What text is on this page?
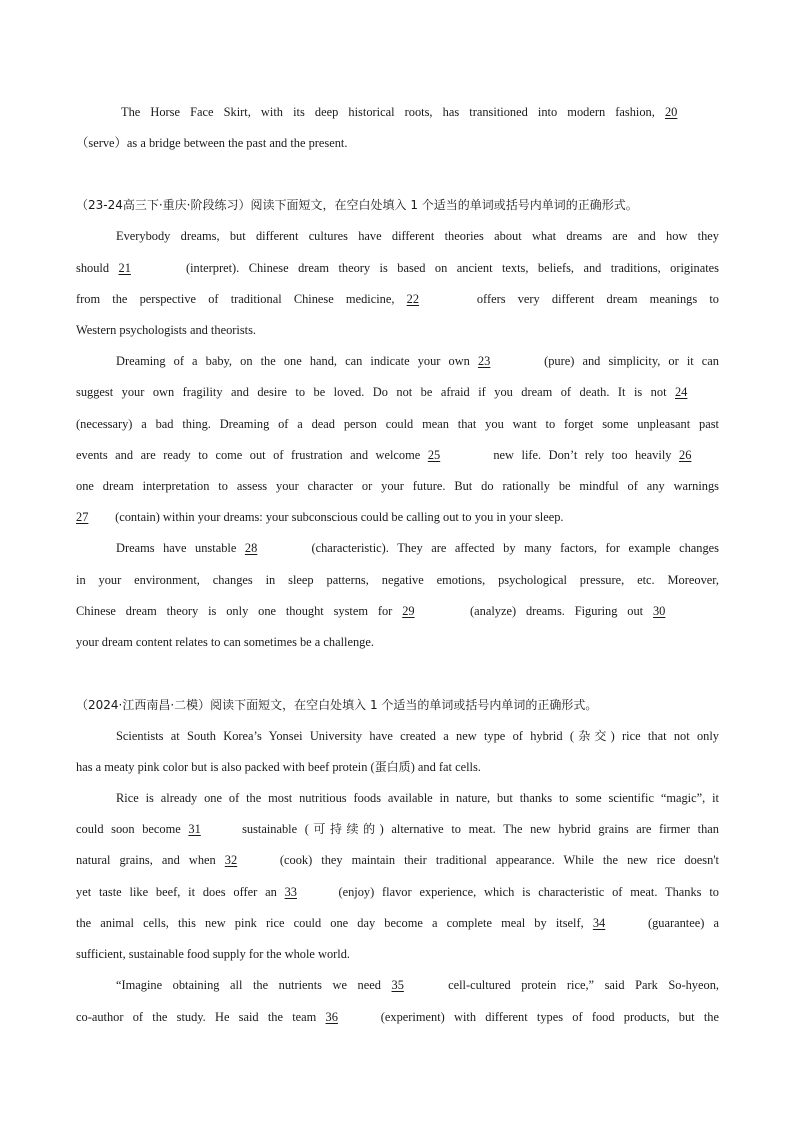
The Horse Face Skirt, with its deep historical roots, has transitioned into modern fashion, 20
（serve）as a bridge between the past and the present.
（23-24高三下·重庆·阶段练习）阅读下面短文，在空白处填入 1 个适当的单词或括号内单词的正确形式。
Everybody dreams, but different cultures have different theories about what dreams are and how they
should 21	(interpret). Chinese dream theory is based on ancient texts, beliefs, and traditions, originates
from the perspective of traditional Chinese medicine, 22	offers very different dream meanings to
Western psychologists and theorists.
Dreaming of a baby, on the one hand, can indicate your own 23	(pure) and simplicity, or it can
suggest your own fragility and desire to be loved. Do not be afraid if you dream of death. It is not 24
(necessary) a bad thing. Dreaming of a dead person could mean that you want to forget some unpleasant past
events and are ready to come out of frustration and welcome 25	new life. Don’t rely too heavily 26
one dream interpretation to assess your character or your future. But do rationally be mindful of any warnings
27 (contain) within your dreams: your subconscious could be calling out to you in your sleep.
Dreams have unstable 28	(characteristic). They are affected by many factors, for example changes
in your environment, changes in sleep patterns, negative emotions, psychological pressure, etc. Moreover,
Chinese dream theory is only one thought system for 29	(analyze) dreams. Figuring out 30
your dream content relates to can sometimes be a challenge.
（2024·江西南昌·二模）阅读下面短文，在空白处填入 1 个适当的单词或括号内单词的正确形式。
Scientists at South Korea’s Yonsei University have created a new type of hybrid (杂交) rice that not only
has a meaty pink color but is also packed with beef protein (蛋白质) and fat cells.
Rice is already one of the most nutritious foods available in nature, but thanks to some scientific “magic”, it
could soon become 31	sustainable (可持续的) alternative to meat. The new hybrid grains are firmer than
natural grains, and when 32	(cook) they maintain their traditional appearance. While the new rice doesn't
yet taste like beef, it does offer an 33	(enjoy) flavor experience, which is characteristic of meat. Thanks to
the animal cells, this new pink rice could one day become a complete meal by itself, 34	(guarantee) a
sufficient, sustainable food supply for the whole world.
“Imagine obtaining all the nutrients we need 35	cell-cultured protein rice,” said Park So-hyeon,
co-author of the study. He said the team 36	(experiment) with different types of food products, but the
